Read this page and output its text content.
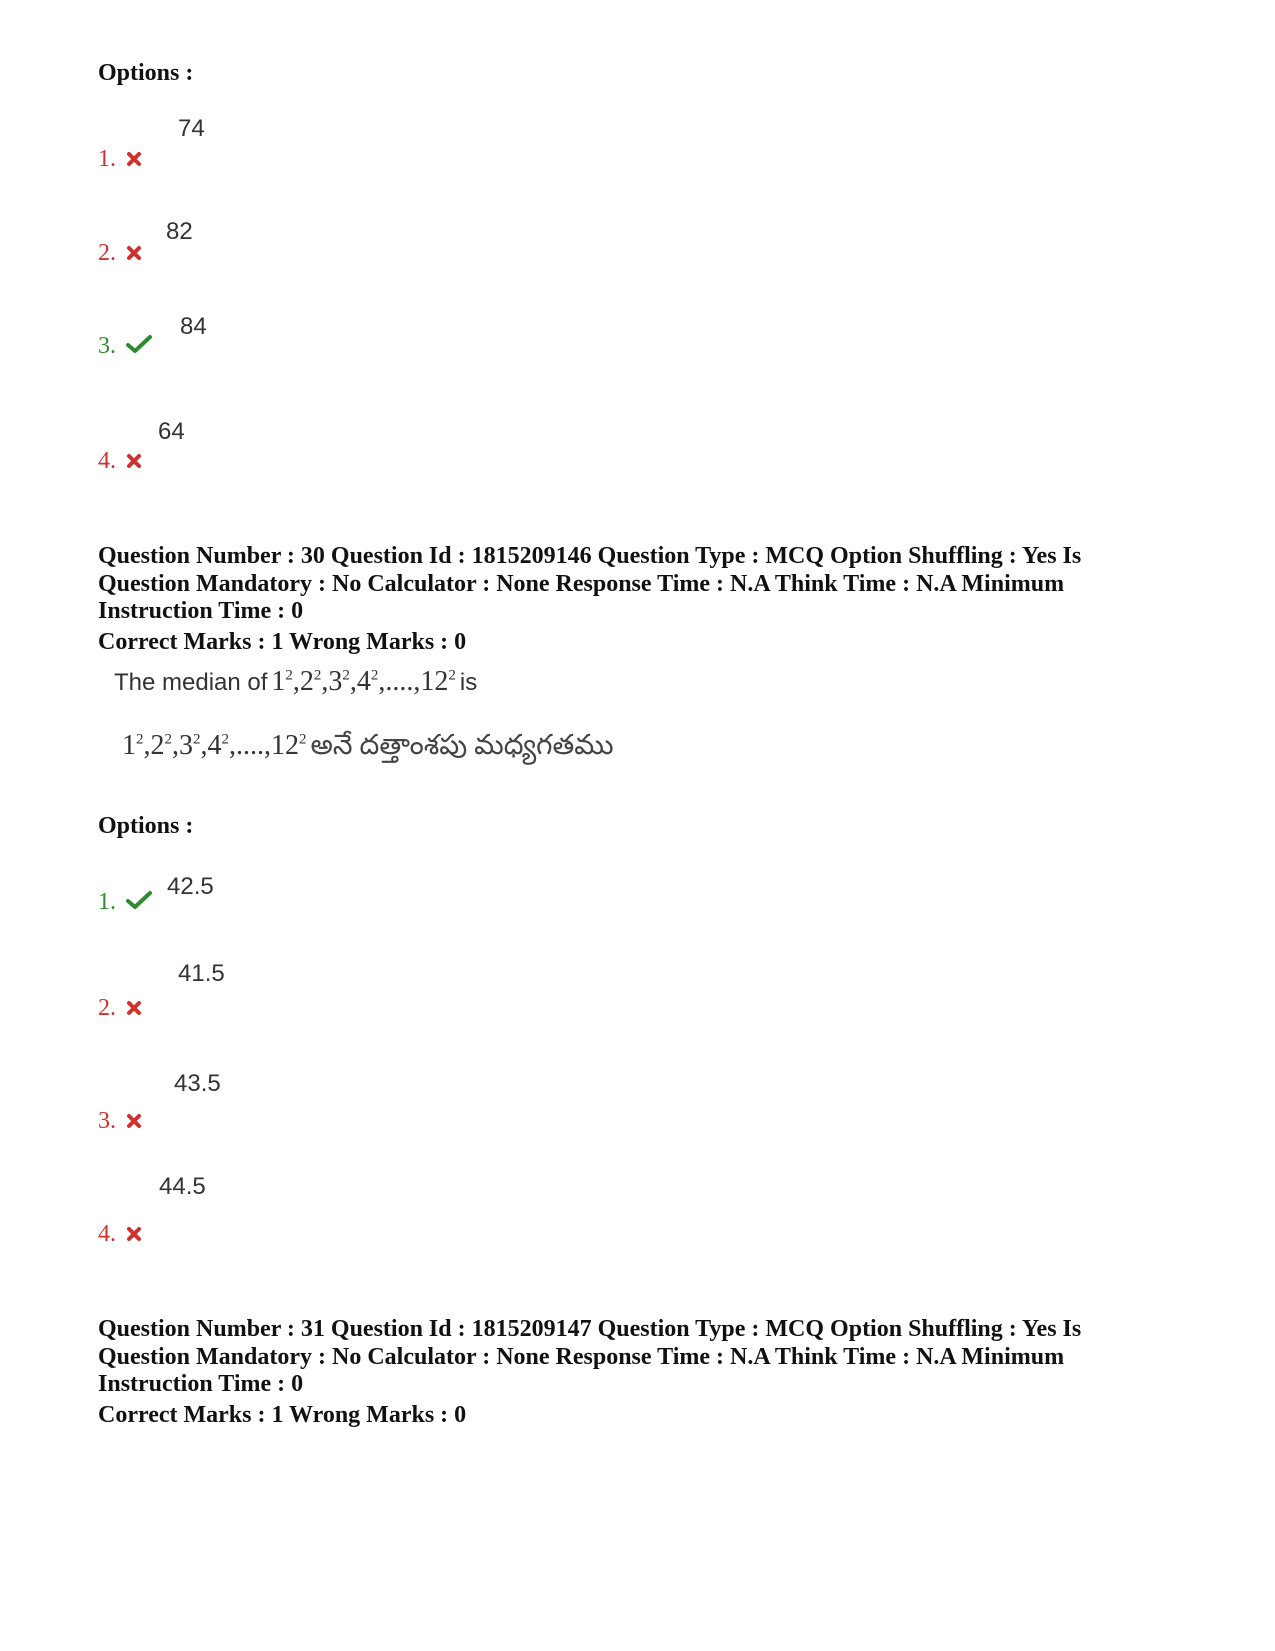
Options :
74
1.
82
2.
84
3.
64
4.
Question Number : 30 Question Id : 1815209146 Question Type : MCQ Option Shuffling : Yes Is
Question Mandatory : No Calculator : None Response Time : N.A Think Time : N.A Minimum
Instruction Time : 0
Correct Marks : 1 Wrong Marks : 0
The median of $1^2,2^2,3^2,4^2,....,12^2$ is
$1^2,2^2,3^2,4^2,....,12^2$ అనే దత్తాంశపు మధ్యగతము
Options :
42.5
1.
41.5
2.
43.5
3.
44.5
4.
Question Number : 31 Question Id : 1815209147 Question Type : MCQ Option Shuffling : Yes Is
Question Mandatory : No Calculator : None Response Time : N.A Think Time : N.A Minimum
Instruction Time : 0
Correct Marks : 1 Wrong Marks : 0
